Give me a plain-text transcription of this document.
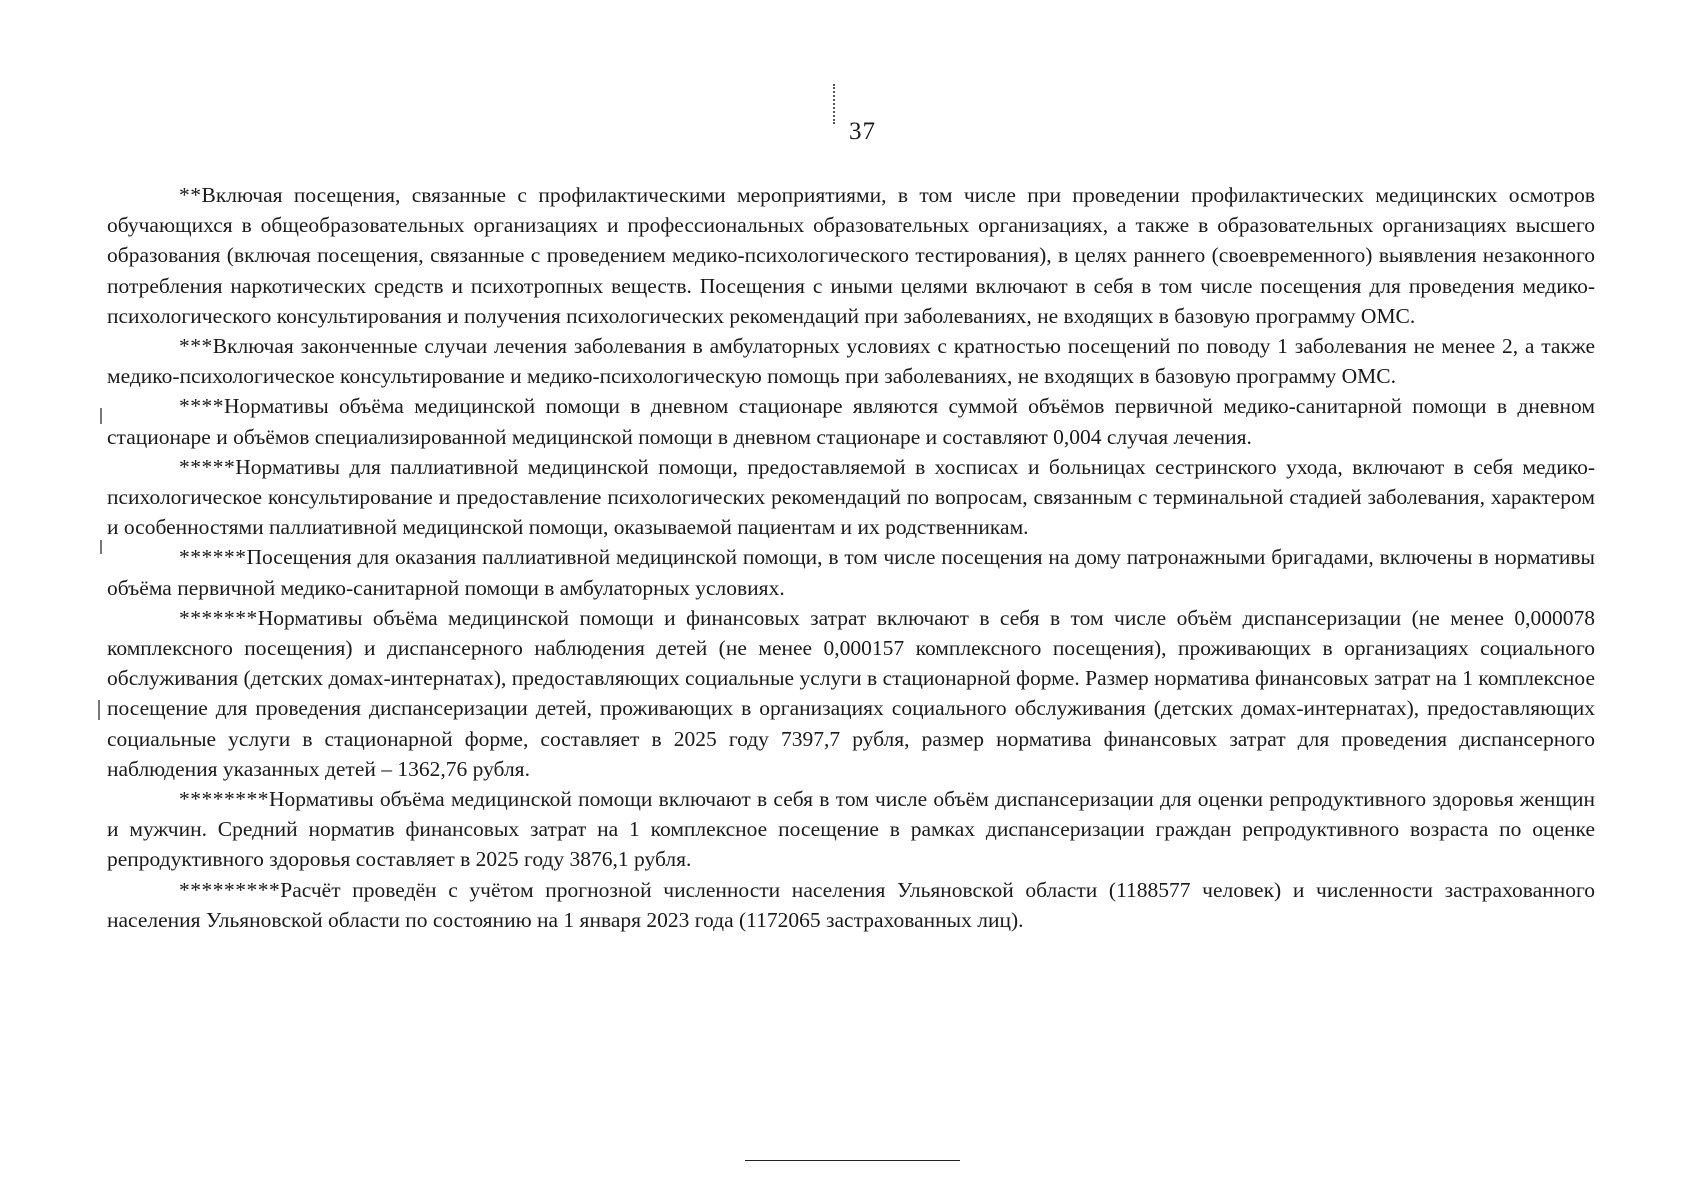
37

**Включая посещения, связанные с профилактическими мероприятиями, в том числе при проведении профилактических медицинских осмотров обучающихся в общеобразовательных организациях и профессиональных образовательных организациях, а также в образовательных организациях высшего образования (включая посещения, связанные с проведением медико-психологического тестирования), в целях раннего (своевременного) выявления незаконного потребления наркотических средств и психотропных веществ. Посещения с иными целями включают в себя в том числе посещения для проведения медико-психологического консультирования и получения психологических рекомендаций при заболеваниях, не входящих в базовую программу ОМС.

***Включая законченные случаи лечения заболевания в амбулаторных условиях с кратностью посещений по поводу 1 заболевания не менее 2, а также медико-психологическое консультирование и медико-психологическую помощь при заболеваниях, не входящих в базовую программу ОМС.

****Нормативы объёма медицинской помощи в дневном стационаре являются суммой объёмов первичной медико-санитарной помощи в дневном стационаре и объёмов специализированной медицинской помощи в дневном стационаре и составляют 0,004 случая лечения.

*****Нормативы для паллиативной медицинской помощи, предоставляемой в хосписах и больницах сестринского ухода, включают в себя медико-психологическое консультирование и предоставление психологических рекомендаций по вопросам, связанным с терминальной стадией заболевания, характером и особенностями паллиативной медицинской помощи, оказываемой пациентам и их родственникам.

******Посещения для оказания паллиативной медицинской помощи, в том числе посещения на дому патронажными бригадами, включены в нормативы объёма первичной медико-санитарной помощи в амбулаторных условиях.

*******Нормативы объёма медицинской помощи и финансовых затрат включают в себя в том числе объём диспансеризации (не менее 0,000078 комплексного посещения) и диспансерного наблюдения детей (не менее 0,000157 комплексного посещения), проживающих в организациях социального обслуживания (детских домах-интернатах), предоставляющих социальные услуги в стационарной форме. Размер норматива финансовых затрат на 1 комплексное посещение для проведения диспансеризации детей, проживающих в организациях социального обслуживания (детских домах-интернатах), предоставляющих социальные услуги в стационарной форме, составляет в 2025 году 7397,7 рубля, размер норматива финансовых затрат для проведения диспансерного наблюдения указанных детей – 1362,76 рубля.

********Нормативы объёма медицинской помощи включают в себя в том числе объём диспансеризации для оценки репродуктивного здоровья женщин и мужчин. Средний норматив финансовых затрат на 1 комплексное посещение в рамках диспансеризации граждан репродуктивного возраста по оценке репродуктивного здоровья составляет в 2025 году 3876,1 рубля.

*********Расчёт проведён с учётом прогнозной численности населения Ульяновской области (1188577 человек) и численности застрахованного населения Ульяновской области по состоянию на 1 января 2023 года (1172065 застрахованных лиц).
